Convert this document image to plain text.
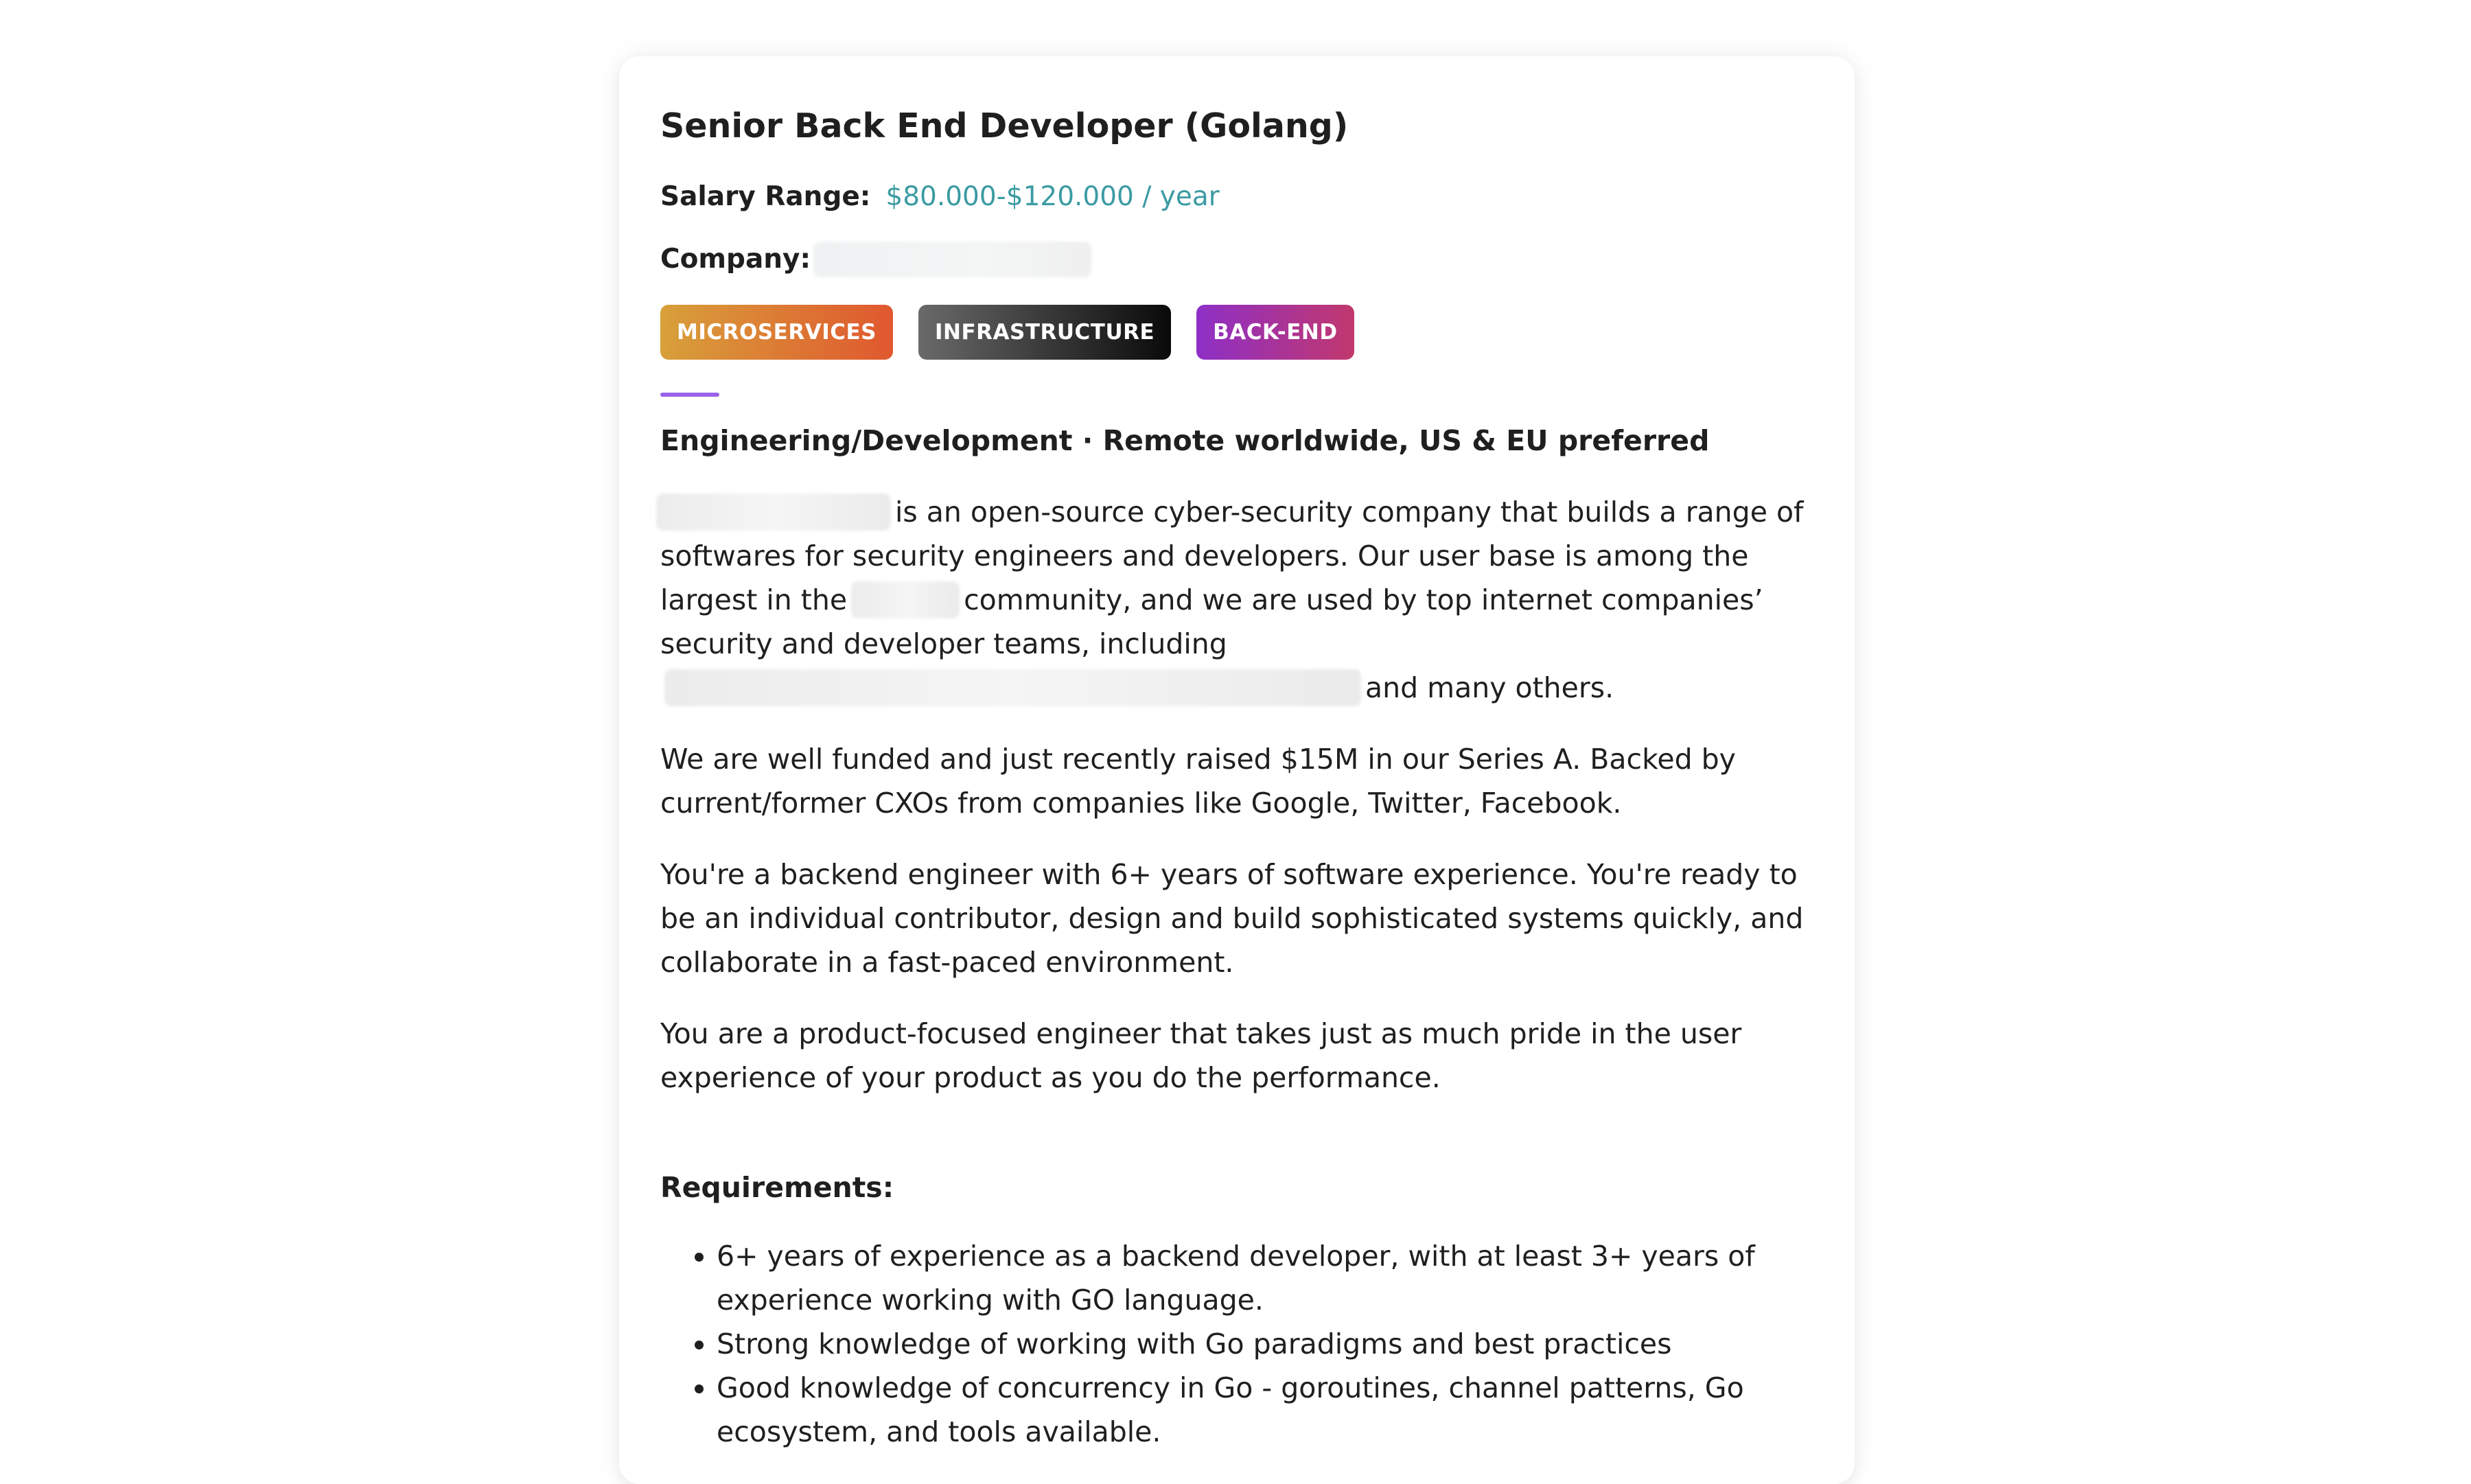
Senior Back End Developer (Golang)
Salary Range: $80.000-$120.000 / year
Company:
MICROSERVICES	INFRASTRUCTURE	BACK-END
Engineering/Development · Remote worldwide, US & EU preferred

is an open-source cyber-security company that builds a range of softwares for security engineers and developers. Our user base is among the largest in the	community, and we are used by top internet companies’ security and developer teams, includingand many others.

We are well funded and just recently raised $15M in our Series A. Backed by current/former CXOs from companies like Google, Twitter, Facebook.

You're a backend engineer with 6+ years of software experience. You're ready to be an individual contributor, design and build sophisticated systems quickly, and collaborate in a fast-paced environment.

You are a product-focused engineer that takes just as much pride in the user experience of your product as you do the performance.

Requirements:
• 6+ years of experience as a backend developer, with at least 3+ years of experience working with GO language.
• Strong knowledge of working with Go paradigms and best practices
• Good knowledge of concurrency in Go - goroutines, channel patterns, Go ecosystem, and tools available.
